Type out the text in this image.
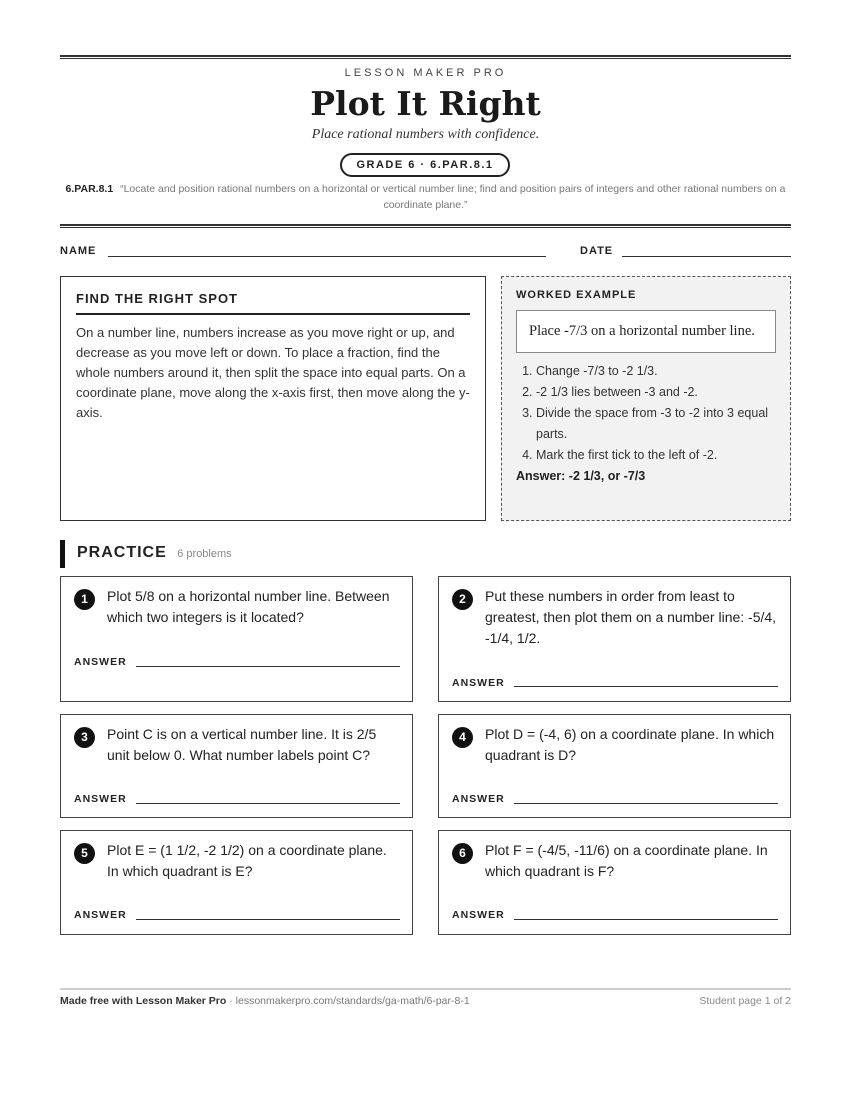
LESSON MAKER PRO
Plot It Right
Place rational numbers with confidence.
GRADE 6 · 6.PAR.8.1
6.PAR.8.1 “Locate and position rational numbers on a horizontal or vertical number line; find and position pairs of integers and other rational numbers on a coordinate plane.”
NAME	DATE
FIND THE RIGHT SPOT

On a number line, numbers increase as you move right or up, and decrease as you move left or down. To place a fraction, find the whole numbers around it, then split the space into equal parts. On a coordinate plane, move along the x-axis first, then move along the y-axis.

WORKED EXAMPLE
Place -7/3 on a horizontal number line.
1. Change -7/3 to -2 1/3.
2. -2 1/3 lies between -3 and -2.
3. Divide the space from -3 to -2 into 3 equal parts.
4. Mark the first tick to the left of -2.
Answer: -2 1/3, or -7/3
PRACTICE 6 problems
1	Plot 5/8 on a horizontal number line. Between which two integers is it located?
ANSWER
2	Put these numbers in order from least to greatest, then plot them on a number line: -5/4, -1/4, 1/2.
ANSWER
3	Point C is on a vertical number line. It is 2/5 unit below 0. What number labels point C?
ANSWER
4	Plot D = (-4, 6) on a coordinate plane. In which quadrant is D?
ANSWER
5	Plot E = (1 1/2, -2 1/2) on a coordinate plane. In which quadrant is E?
ANSWER
6	Plot F = (-4/5, -11/6) on a coordinate plane. In which quadrant is F?
ANSWER
Made free with Lesson Maker Pro · lessonmakerpro.com/standards/ga-math/6-par-8-1	Student page 1 of 2
